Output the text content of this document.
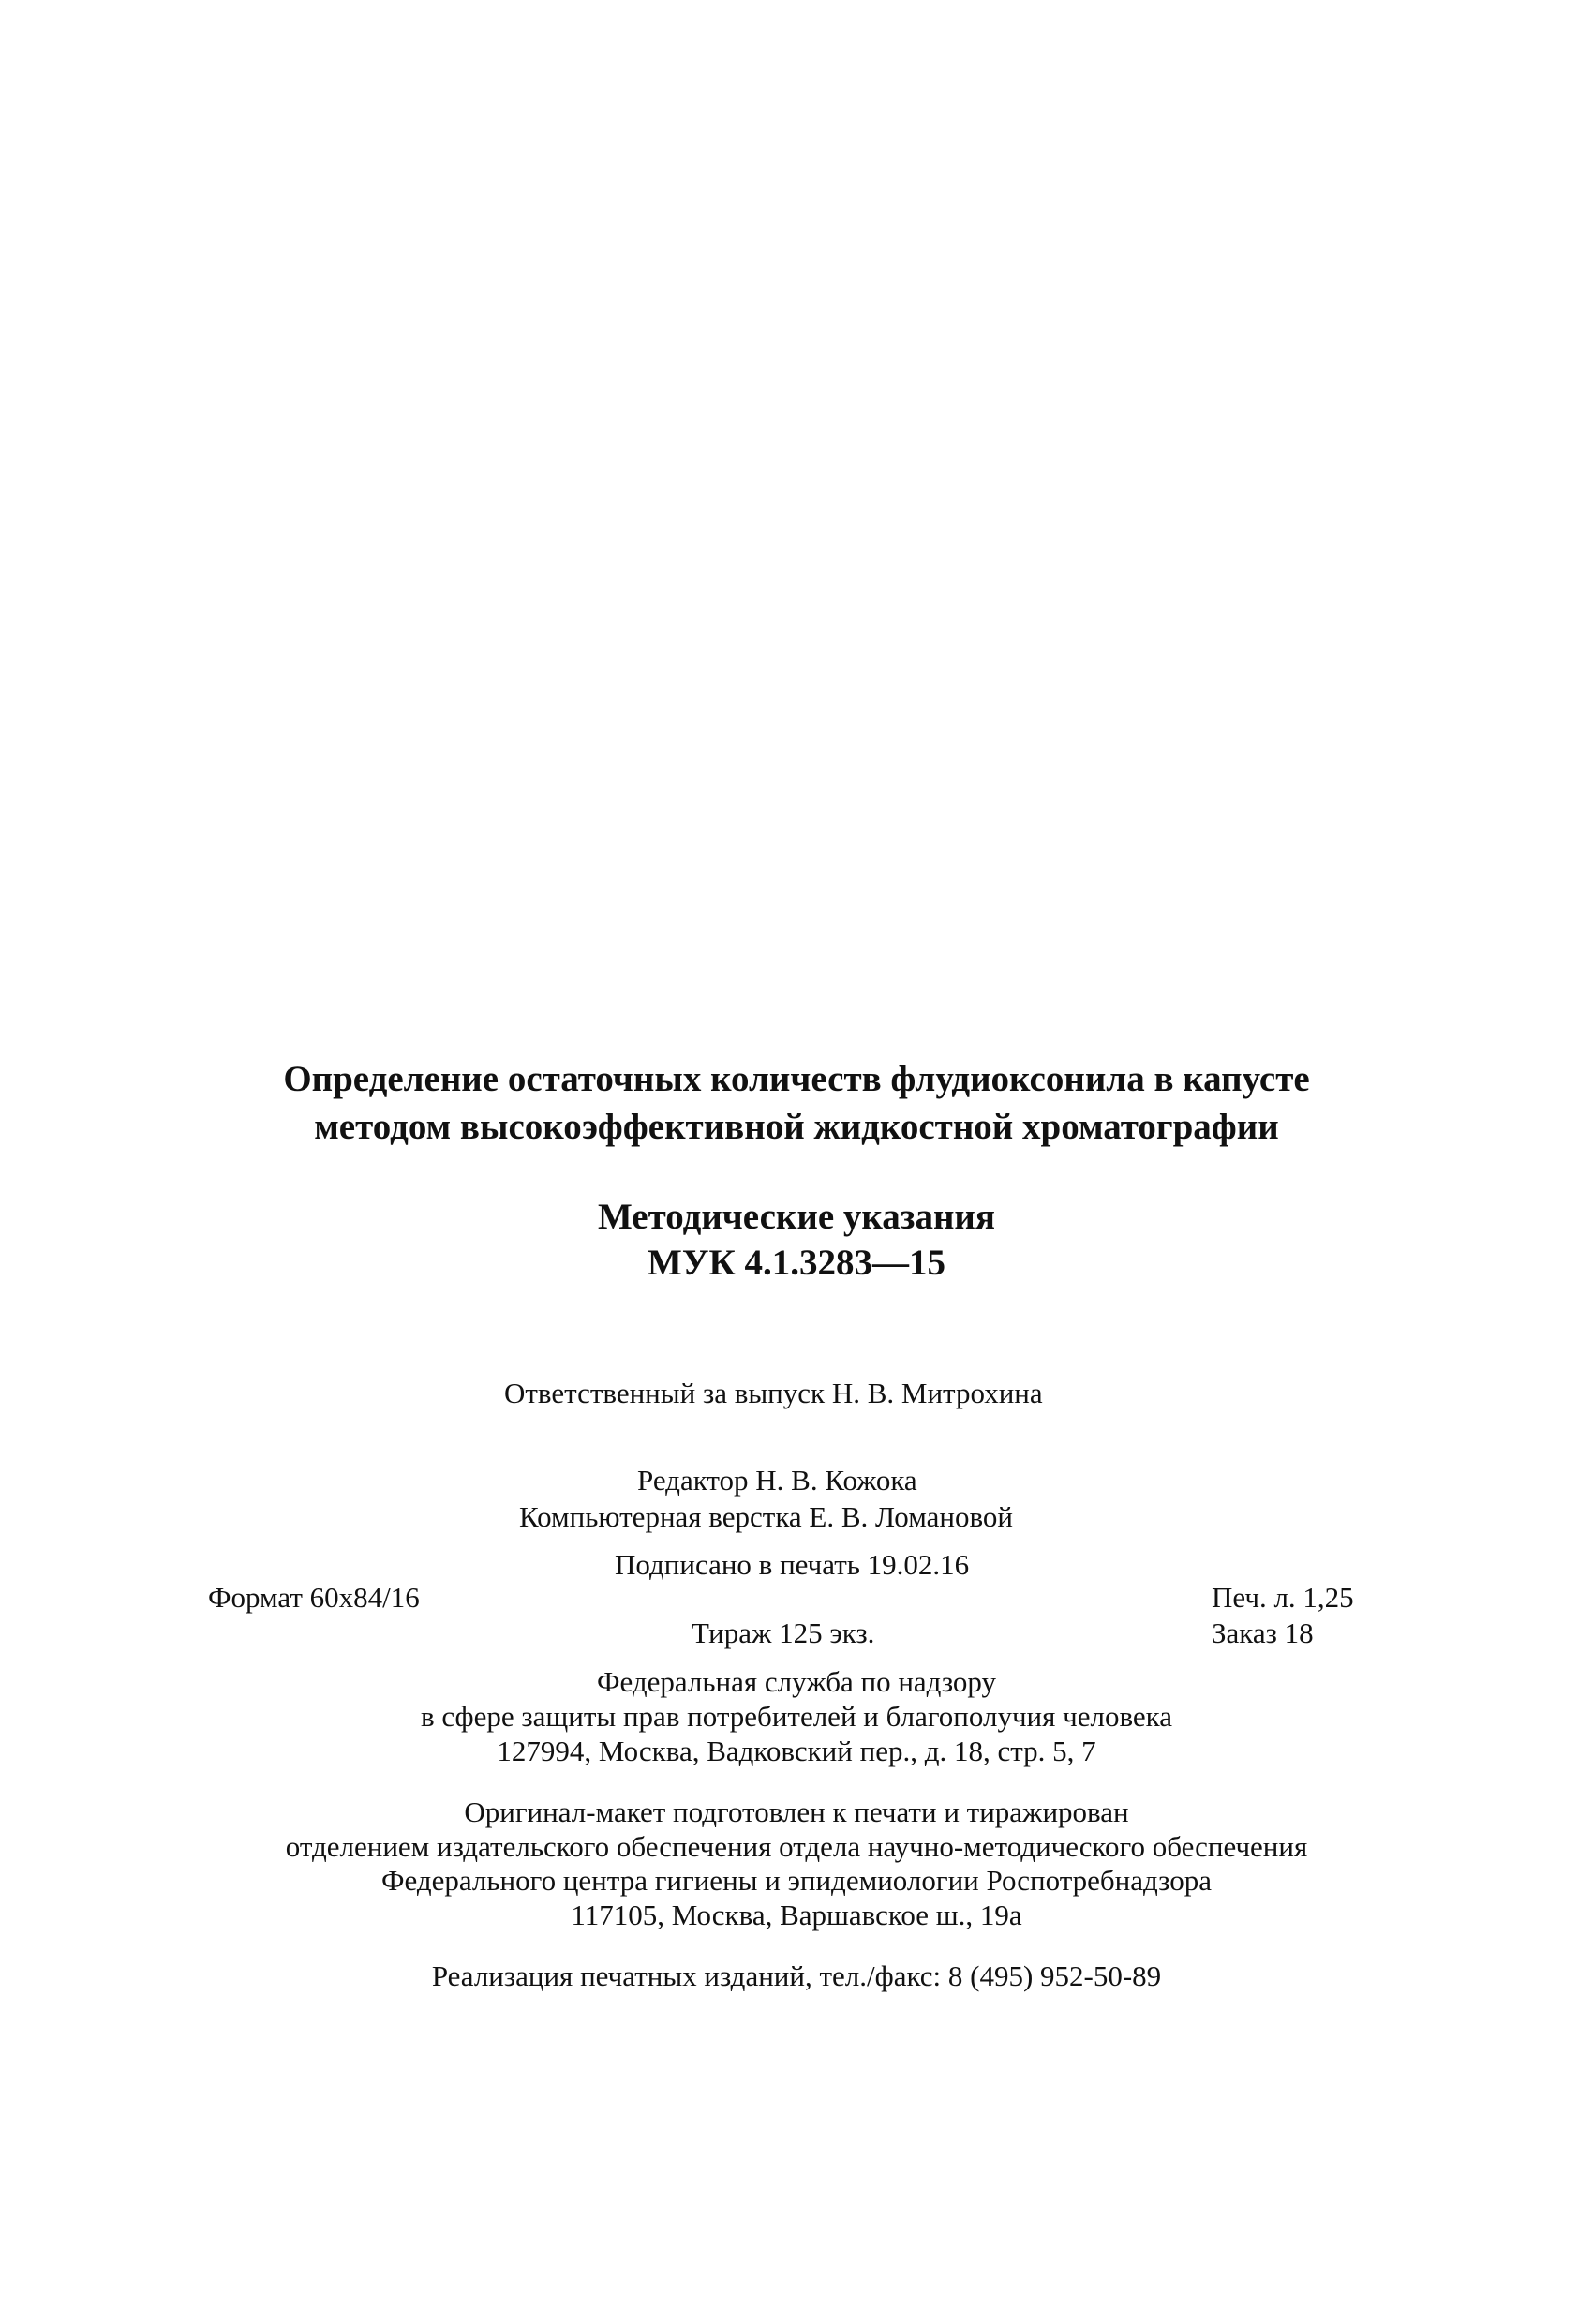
Определение остаточных количеств флудиоксонила в капусте
методом высокоэффективной жидкостной хроматографии
Методические указания
МУК 4.1.3283—15
Ответственный за выпуск Н. В. Митрохина
Редактор Н. В. Кожока
Компьютерная верстка Е. В. Ломановой
Подписано в печать 19.02.16
Формат 60х84/16	Печ. л. 1,25
Тираж 125 экз.	Заказ 18
Федеральная служба по надзору
в сфере защиты прав потребителей и благополучия человека
127994, Москва, Вадковский пер., д. 18, стр. 5, 7
Оригинал-макет подготовлен к печати и тиражирован
отделением издательского обеспечения отдела научно-методического обеспечения
Федерального центра гигиены и эпидемиологии Роспотребнадзора
117105, Москва, Варшавское ш., 19а
Реализация печатных изданий, тел./факс: 8 (495) 952-50-89
